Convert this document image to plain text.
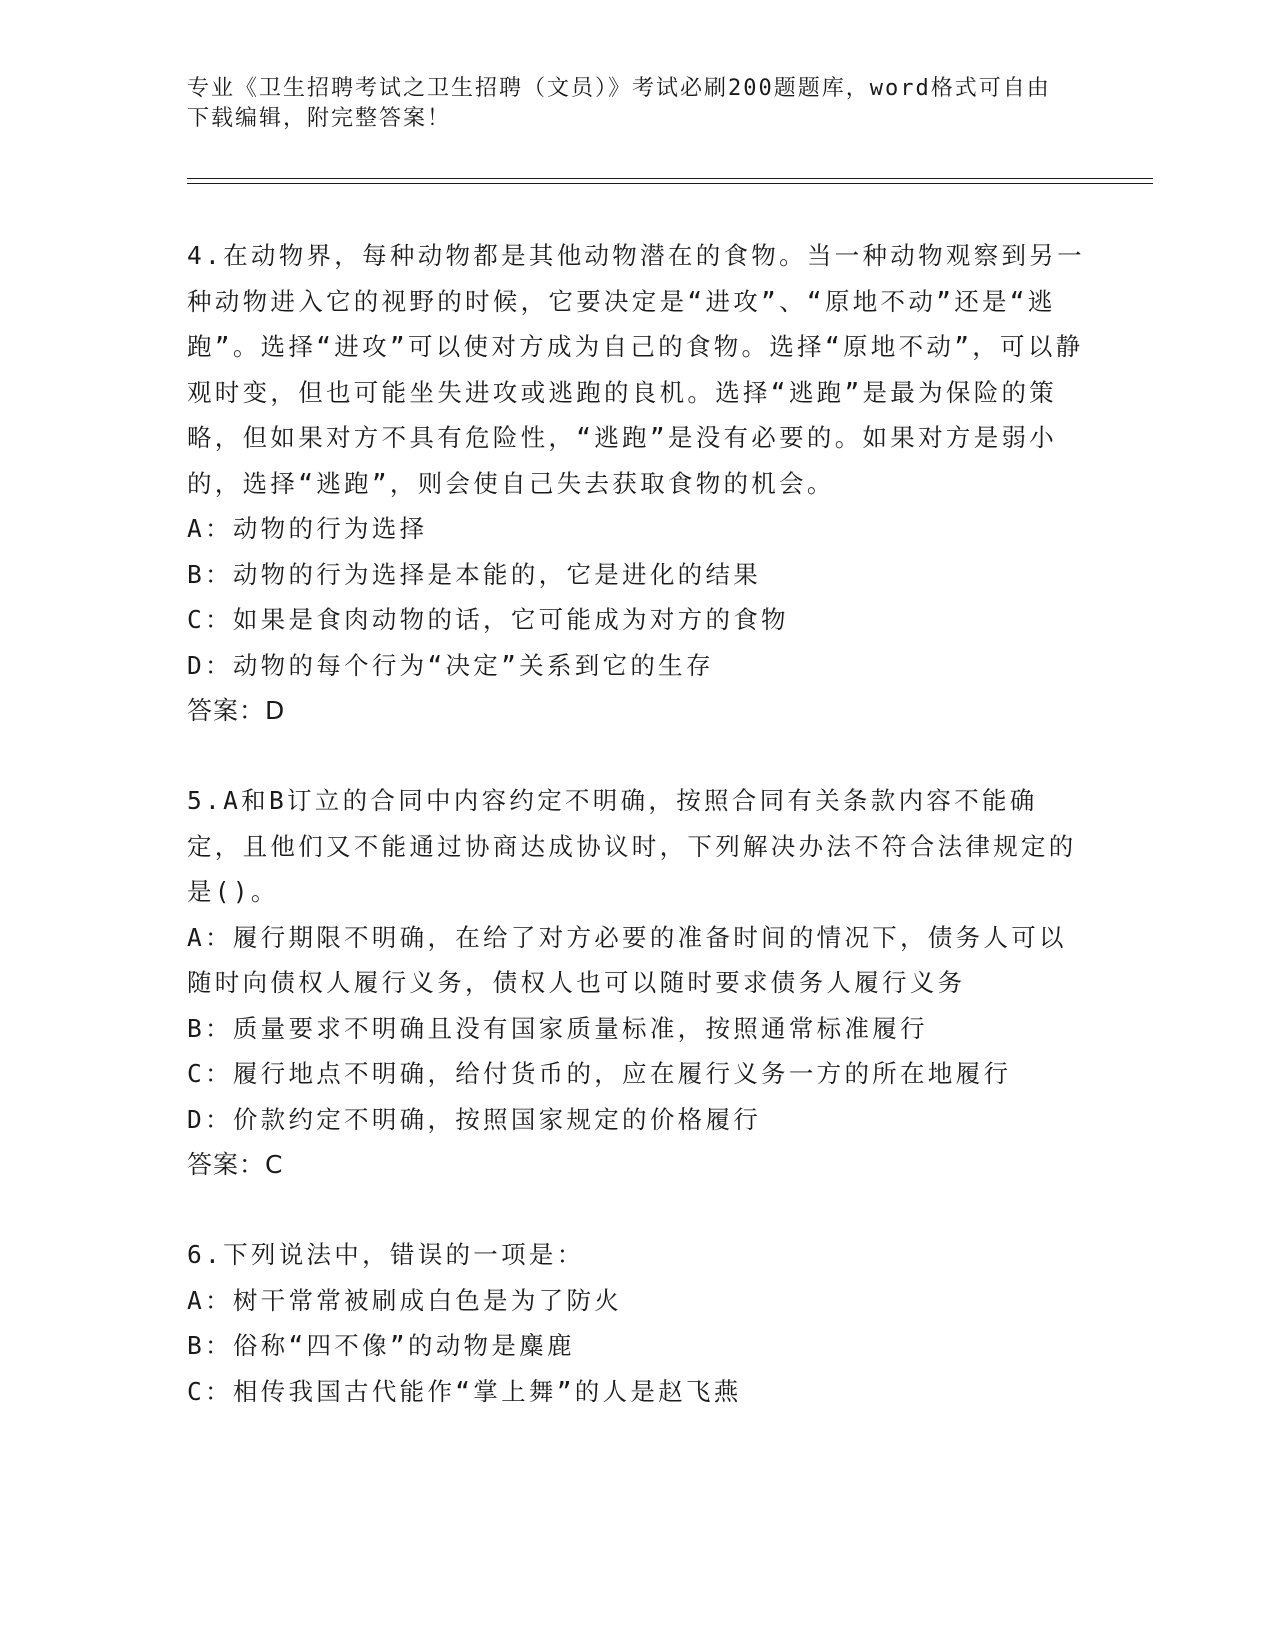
专业《卫生招聘考试之卫生招聘（文员）》考试必刷200题题库，word格式可自由下载编辑，附完整答案！

4.在动物界，每种动物都是其他动物潜在的食物。当一种动物观察到另一种动物进入它的视野的时候，它要决定是“进攻”、“原地不动”还是“逃跑”。选择“进攻”可以使对方成为自己的食物。选择“原地不动”，可以静观时变，但也可能坐失进攻或逃跑的良机。选择“逃跑”是最为保险的策略，但如果对方不具有危险性，“逃跑”是没有必要的。如果对方是弱小的，选择“逃跑”，则会使自己失去获取食物的机会。

A：动物的行为选择

B：动物的行为选择是本能的，它是进化的结果

C：如果是食肉动物的话，它可能成为对方的食物

D：动物的每个行为“决定”关系到它的生存

答案：D

5.A和B订立的合同中内容约定不明确，按照合同有关条款内容不能确定，且他们又不能通过协商达成协议时，下列解决办法不符合法律规定的是()。

A：履行期限不明确，在给了对方必要的准备时间的情况下，债务人可以随时向债权人履行义务，债权人也可以随时要求债务人履行义务

B：质量要求不明确且没有国家质量标准，按照通常标准履行

C：履行地点不明确，给付货币的，应在履行义务一方的所在地履行

D：价款约定不明确，按照国家规定的价格履行

答案：C

6.下列说法中，错误的一项是：

A：树干常常被刷成白色是为了防火

B：俗称“四不像”的动物是麋鹿

C：相传我国古代能作“掌上舞”的人是赵飞燕
